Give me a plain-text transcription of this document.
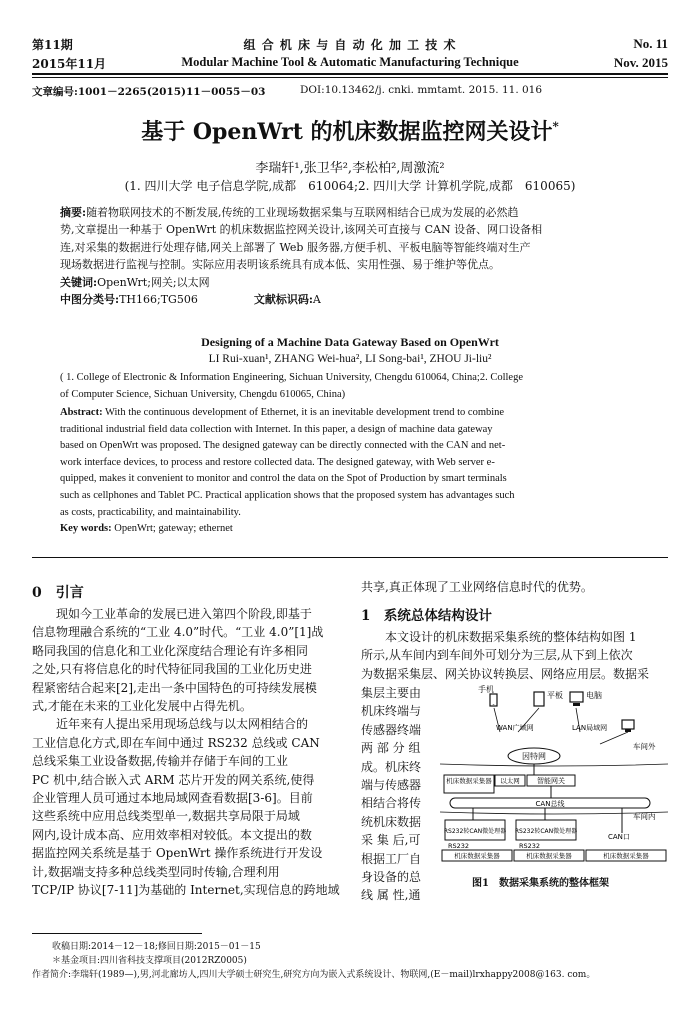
第11期
2015年11月
组 合 机 床 与 自 动 化 加 工 技 术
Modular Machine Tool & Automatic Manufacturing Technique
No. 11
Nov. 2015
文章编号:1001－2265(2015)11－0055－03	DOI:10.13462/j. cnki. mmtamt. 2015. 11. 016
基于 OpenWrt 的机床数据监控网关设计*
李瑞轩¹,张卫华²,李松柏²,周激流²
(1. 四川大学 电子信息学院,成都　610064;2. 四川大学 计算机学院,成都　610065)
摘要:随着物联网技术的不断发展,传统的工业现场数据采集与互联网相结合已成为发展的必然趋
势,文章提出一种基于 OpenWrt 的机床数据监控网关设计,该网关可直接与 CAN 设备、网口设备相
连,对采集的数据进行处理存储,网关上部署了 Web 服务器,方便手机、平板电脑等智能终端对生产
现场数据进行监视与控制。实际应用表明该系统具有成本低、实用性强、易于维护等优点。
关键词:OpenWrt;网关;以太网
中图分类号:TH166;TG506	文献标识码:A
Designing of a Machine Data Gateway Based on OpenWrt
LI Rui-xuan¹, ZHANG Wei-hua², LI Song-bai¹, ZHOU Ji-liu²
( 1. College of Electronic & Information Engineering, Sichuan University, Chengdu 610064, China;2. College
of Computer Science, Sichuan University, Chengdu 610065, China)
Abstract: With the continuous development of Ethernet, it is an inevitable development trend to combine
traditional industrial field data collection with Internet. In this paper, a design of machine data gateway
based on OpenWrt was proposed. The designed gateway can be directly connected with the CAN and net-
work interface devices, to process and restore collected data. The designed gateway, with Web server e-
quipped, makes it convenient to monitor and control the data on the Spot of Production by smart terminals
such as cellphones and Tablet PC. Practical application shows that the proposed system has advantages such
as costs, practicability, and maintainability.
Key words: OpenWrt; gateway; ethernet
0　引言
　　现如今工业革命的发展已进入第四个阶段,即基于
信息物理融合系统的“工业 4.0”时代。“工业 4.0”[1]战
略同我国的信息化和工业化深度结合理论有许多相同
之处,只有将信息化的时代特征同我国的工业化历史进
程紧密结合起来[2],走出一条中国特色的可持续发展模
式,才能在未来的工业化发展中占得先机。
　　近年来有人提出采用现场总线与以太网相结合的
工业信息化方式,即在车间中通过 RS232 总线或 CAN
总线采集工业设备数据,传输并存储于车间的工业
PC 机中,结合嵌入式 ARM 芯片开发的网关系统,使得
企业管理人员可通过本地局域网查看数据[3-6]。目前
这些系统中应用总线类型单一,数据共享局限于局域
网内,设计成本高、应用效率相对较低。本文提出的数
据监控网关系统是基于 OpenWrt 操作系统进行开发设
计,数据端支持多种总线类型同时传输,合理利用
TCP/IP 协议[7-11]为基础的 Internet,实现信息的跨地域
共享,真正体现了工业网络信息时代的优势。
1　系统总体结构设计
　　本文设计的机床数据采集系统的整体结构如图 1
所示,从车间内到车间外可划分为三层,从下到上依次
为数据采集层、网关协议转换层、网络应用层。数据采
集层主要由
机床终端与
传感器终端
两 部 分 组
成。机床终
端与传感器
相结合将传
统机床数据
采 集 后,可
根据工厂自
身设备的总
线 属 性,通
手机
平板	电脑
WAN广域网	LAN局域网
车间外
因特网
机床数据采集器 以太网 智能网关
CAN总线
车间内
RS232转CAN微处理器 RS232转CAN微处理器
CAN口
RS232	RS232
机床数据采集器	机床数据采集器	机床数据采集器
图1　数据采集系统的整体框架
收稿日期:2014－12－18;修回日期:2015－01－15
＊基金项目:四川省科技支撑项目(2012RZ0005)
作者简介:李瑞轩(1989—),男,河北廊坊人,四川大学硕士研究生,研究方向为嵌入式系统设计、物联网,(E－mail)lrxhappy2008@163. com。
